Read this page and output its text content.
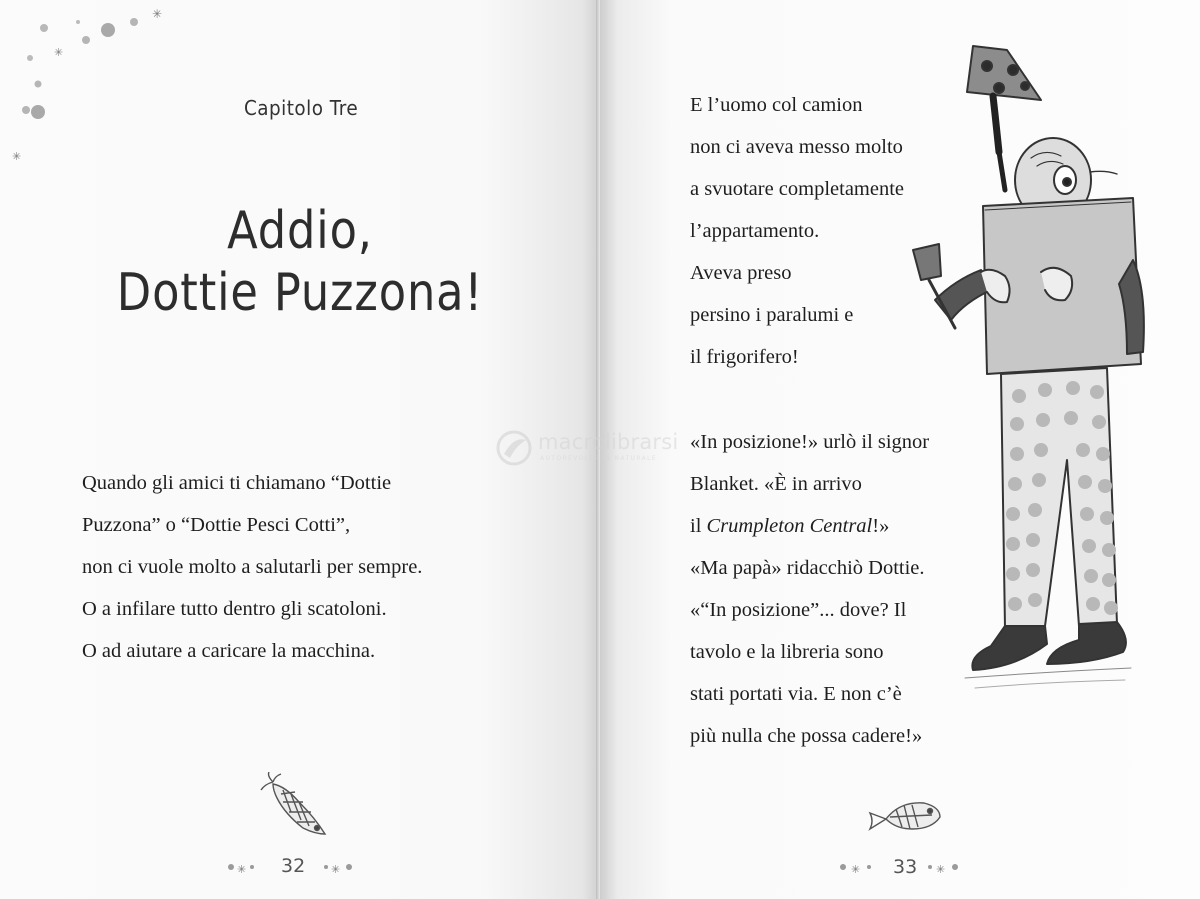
✳
✳
✳
Capitolo Tre
Addio,
Dottie Puzzona!
Quando gli amici ti chiamano “Dottie
Puzzona” o “Dottie Pesci Cotti”,
non ci vuole molto a salutarli per sempre.
O a infilare tutto dentro gli scatoloni.
O ad aiutare a caricare la macchina.
✳	✳
32
E l’uomo col camion
non ci aveva messo molto
a svuotare completamente
l’appartamento.
Aveva preso
persino i paralumi e
il frigorifero!
«In posizione!» urlò il signor
Blanket. «È in arrivo
il Crumpleton Central!»
«Ma papà» ridacchiò Dottie.
«“In posizione”... dove? Il
tavolo e la libreria sono
stati portati via. E non c’è
più nulla che possa cadere!»
✳	✳
33
macrolibrarsi
AUTOREVOLEZZA NATURALE
